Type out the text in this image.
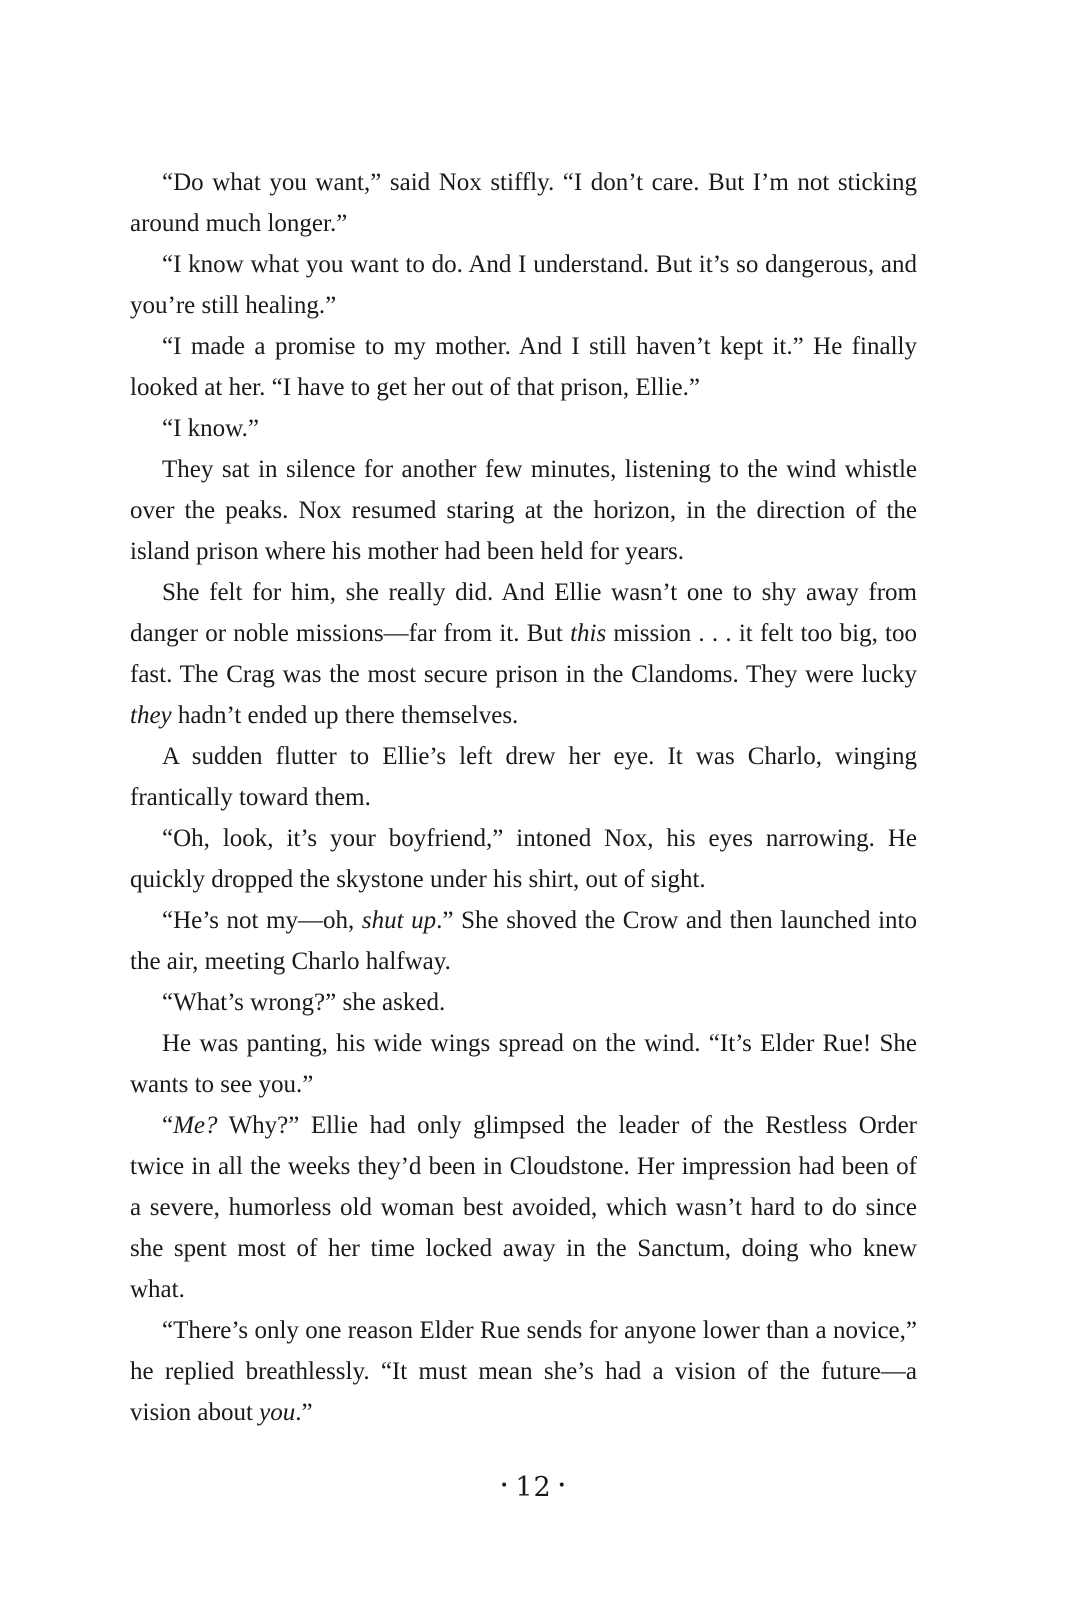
“Do what you want,” said Nox stiffly. “I don’t care. But I’m not sticking around much longer.”

“I know what you want to do. And I understand. But it’s so dangerous, and you’re still healing.”

“I made a promise to my mother. And I still haven’t kept it.” He finally looked at her. “I have to get her out of that prison, Ellie.”

“I know.”

They sat in silence for another few minutes, listening to the wind whistle over the peaks. Nox resumed staring at the horizon, in the direction of the island prison where his mother had been held for years.

She felt for him, she really did. And Ellie wasn’t one to shy away from danger or noble missions—far from it. But this mission . . . it felt too big, too fast. The Crag was the most secure prison in the Clandoms. They were lucky they hadn’t ended up there themselves.

A sudden flutter to Ellie’s left drew her eye. It was Charlo, winging frantically toward them.

“Oh, look, it’s your boyfriend,” intoned Nox, his eyes narrowing. He quickly dropped the skystone under his shirt, out of sight.

“He’s not my—oh, shut up.” She shoved the Crow and then launched into the air, meeting Charlo halfway.

“What’s wrong?” she asked.

He was panting, his wide wings spread on the wind. “It’s Elder Rue! She wants to see you.”

“Me? Why?” Ellie had only glimpsed the leader of the Restless Order twice in all the weeks they’d been in Cloudstone. Her impression had been of a severe, humorless old woman best avoided, which wasn’t hard to do since she spent most of her time locked away in the Sanctum, doing who knew what.

“There’s only one reason Elder Rue sends for anyone lower than a novice,” he replied breathlessly. “It must mean she’s had a vision of the future—a vision about you.”

• 12 •
